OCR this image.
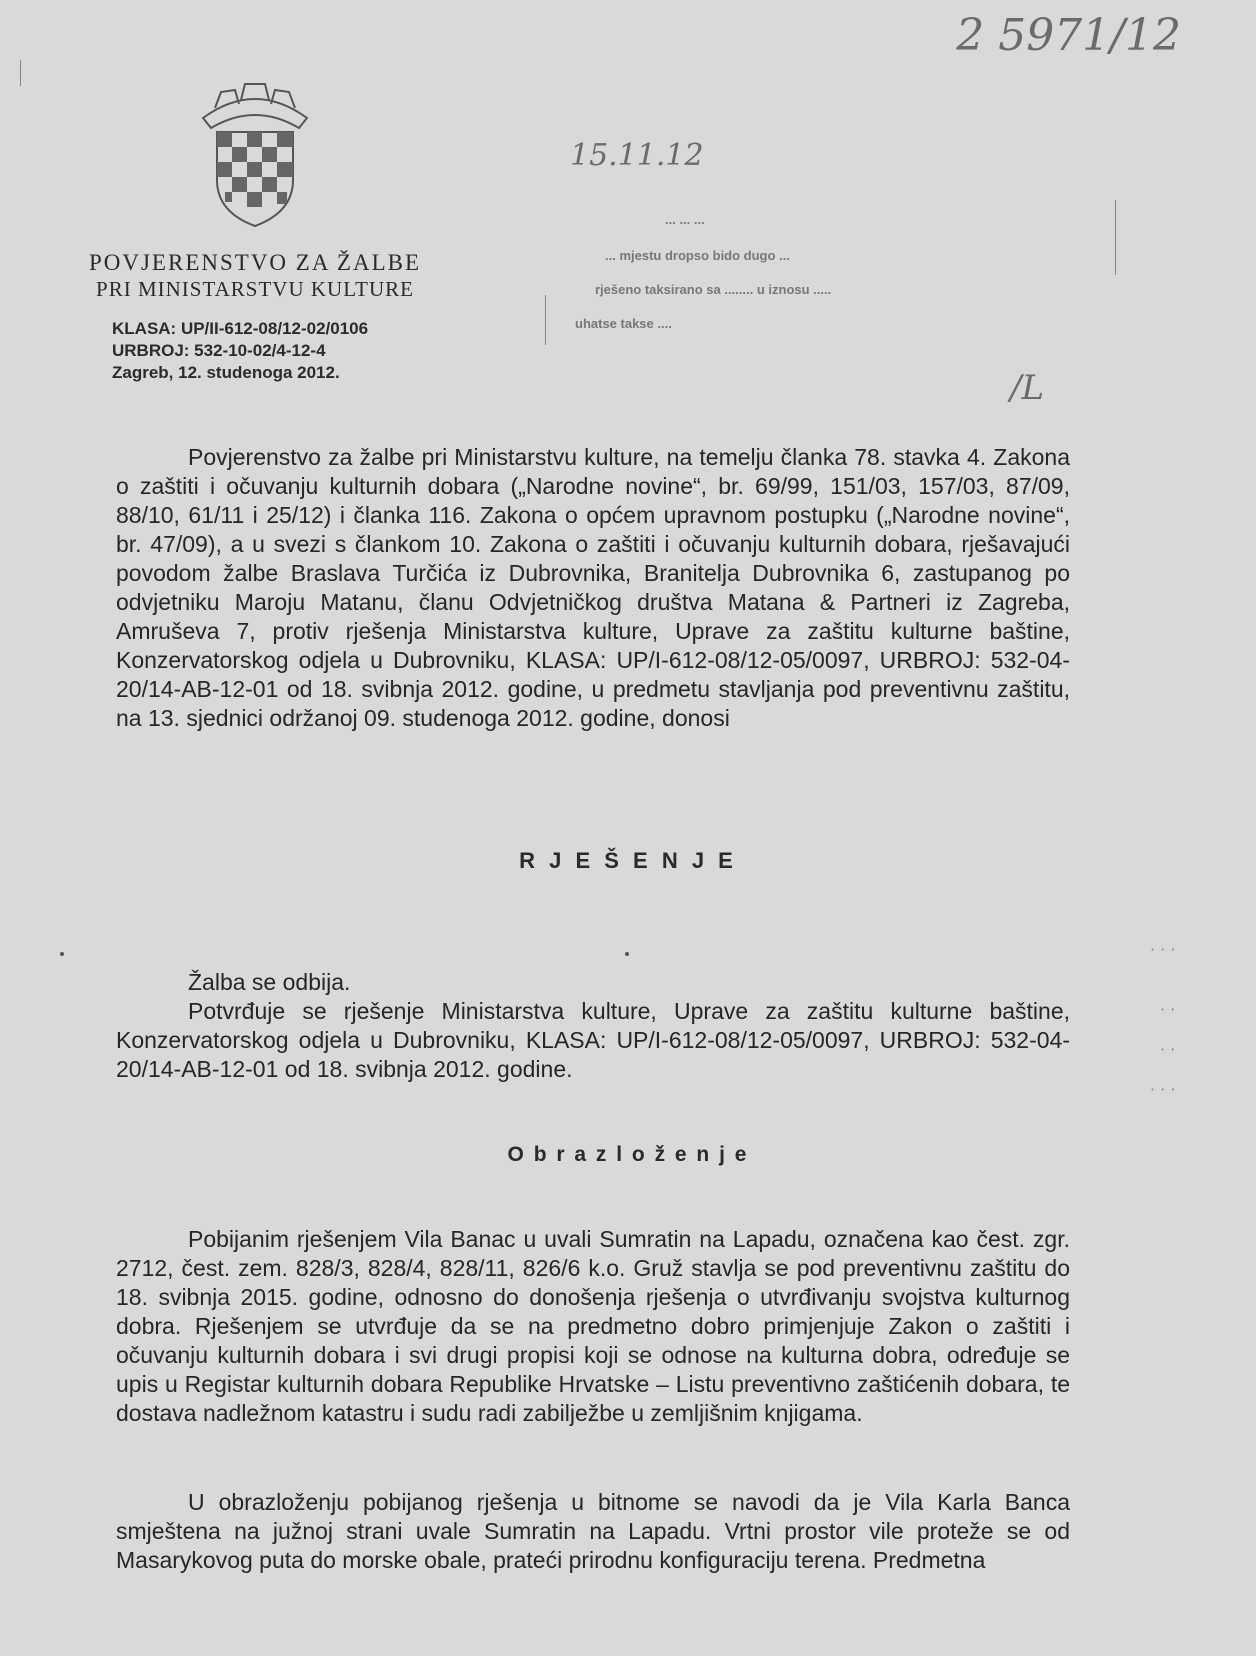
POVJERENSTVO ZA ŽALBE
PRI MINISTARSTVU KULTURE
KLASA: UP/II-612-08/12-02/0106
URBROJ: 532-10-02/4-12-4
Zagreb, 12. studenoga 2012.
2 5971/12
15.11.12
/L
... ... ...
... mjestu dropso bido dugo ...
rješeno taksirano sa ........ u iznosu .....
uhatse takse ....
Povjerenstvo za žalbe pri Ministarstvu kulture, na temelju članka 78. stavka 4. Zakona o zaštiti i očuvanju kulturnih dobara („Narodne novine“, br. 69/99, 151/03, 157/03, 87/09, 88/10, 61/11 i 25/12) i članka 116. Zakona o općem upravnom postupku („Narodne novine“, br. 47/09), a u svezi s člankom 10. Zakona o zaštiti i očuvanju kulturnih dobara, rješavajući povodom žalbe Braslava Turčića iz Dubrovnika, Branitelja Dubrovnika 6, zastupanog po odvjetniku Maroju Matanu, članu Odvjetničkog društva Matana & Partneri iz Zagreba, Amruševa 7, protiv rješenja Ministarstva kulture, Uprave za zaštitu kulturne baštine, Konzervatorskog odjela u Dubrovniku, KLASA: UP/I-612-08/12-05/0097, URBROJ: 532-04-20/14-AB-12-01 od 18. svibnja 2012. godine, u predmetu stavljanja pod preventivnu zaštitu, na 13. sjednici održanoj 09. studenoga 2012. godine, donosi
R J E Š E N J E
Žalba se odbija.
Potvrđuje se rješenje Ministarstva kulture, Uprave za zaštitu kulturne baštine, Konzervatorskog odjela u Dubrovniku, KLASA: UP/I-612-08/12-05/0097, URBROJ: 532-04-20/14-AB-12-01 od 18. svibnja 2012. godine.
O b r a z l o ž e n j e
Pobijanim rješenjem Vila Banac u uvali Sumratin na Lapadu, označena kao čest. zgr. 2712, čest. zem. 828/3, 828/4, 828/11, 826/6 k.o. Gruž stavlja se pod preventivnu zaštitu do 18. svibnja 2015. godine, odnosno do donošenja rješenja o utvrđivanju svojstva kulturnog dobra. Rješenjem se utvrđuje da se na predmetno dobro primjenjuje Zakon o zaštiti i očuvanju kulturnih dobara i svi drugi propisi koji se odnose na kulturna dobra, određuje se upis u Registar kulturnih dobara Republike Hrvatske – Listu preventivno zaštićenih dobara, te dostava nadležnom katastru i sudu radi zabilježbe u zemljišnim knjigama.
U obrazloženju pobijanog rješenja u bitnome se navodi da je Vila Karla Banca smještena na južnoj strani uvale Sumratin na Lapadu. Vrtni prostor vile proteže se od Masarykovog puta do morske obale, prateći prirodnu konfiguraciju terena. Predmetna
· · ·
· ·
· ·
· · ·
